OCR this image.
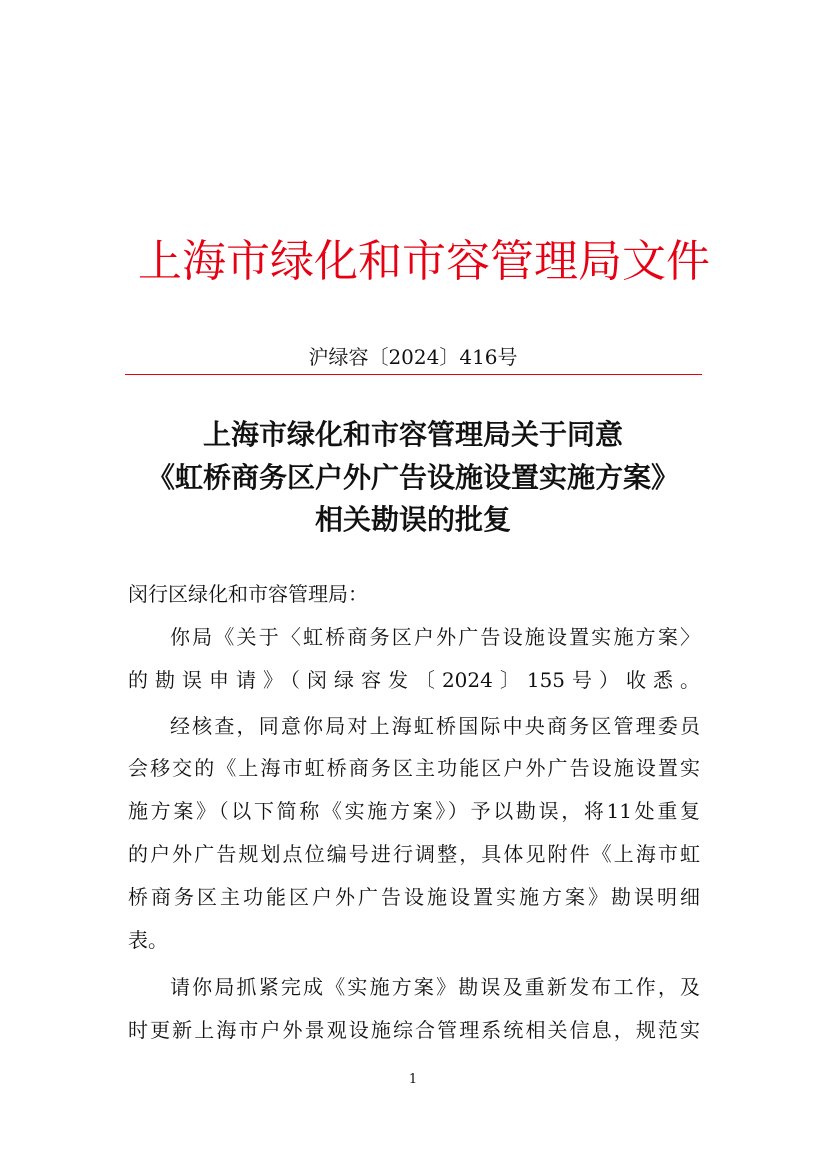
上海市绿化和市容管理局文件
沪绿容〔2024〕416号
上海市绿化和市容管理局关于同意
《虹桥商务区户外广告设施设置实施方案》
相关勘误的批复
闵行区绿化和市容管理局：
你局《关于〈虹桥商务区户外广告设施设置实施方案〉
的勘误申请》（闵绿容发〔2024〕155号）收悉。
经核查，同意你局对上海虹桥国际中央商务区管理委员
会移交的《上海市虹桥商务区主功能区户外广告设施设置实
施方案》（以下简称《实施方案》）予以勘误，将11处重复
的户外广告规划点位编号进行调整，具体见附件《上海市虹
桥商务区主功能区户外广告设施设置实施方案》勘误明细
表。
请你局抓紧完成《实施方案》勘误及重新发布工作，及
时更新上海市户外景观设施综合管理系统相关信息，规范实
1
